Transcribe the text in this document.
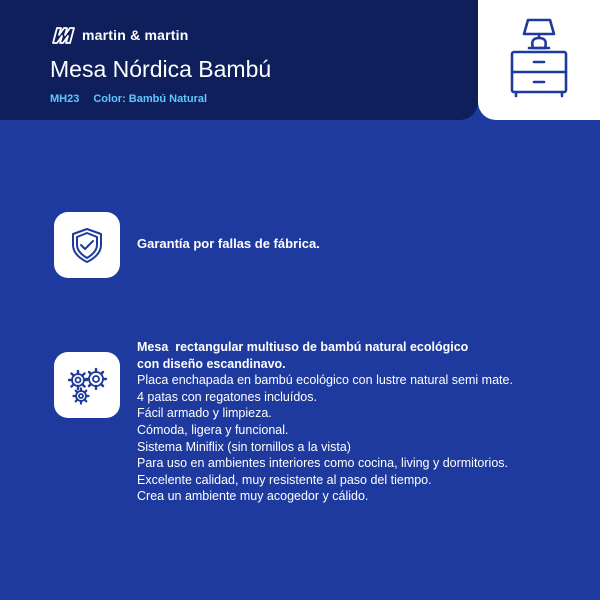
martin & martin
Mesa Nórdica Bambú
MH23 Color: Bambú Natural
Garantía por fallas de fábrica.
Mesa  rectangular multiuso de bambú natural ecológico
con diseño escandinavo.
Placa enchapada en bambú ecológico con lustre natural semi mate.
4 patas con regatones incluídos.
Fácil armado y limpieza.
Cómoda, ligera y funcional.
Sistema Miniflix (sin tornillos a la vista)
Para uso en ambientes interiores como cocina, living y dormitorios.
Excelente calidad, muy resistente al paso del tiempo.
Crea un ambiente muy acogedor y cálido.
